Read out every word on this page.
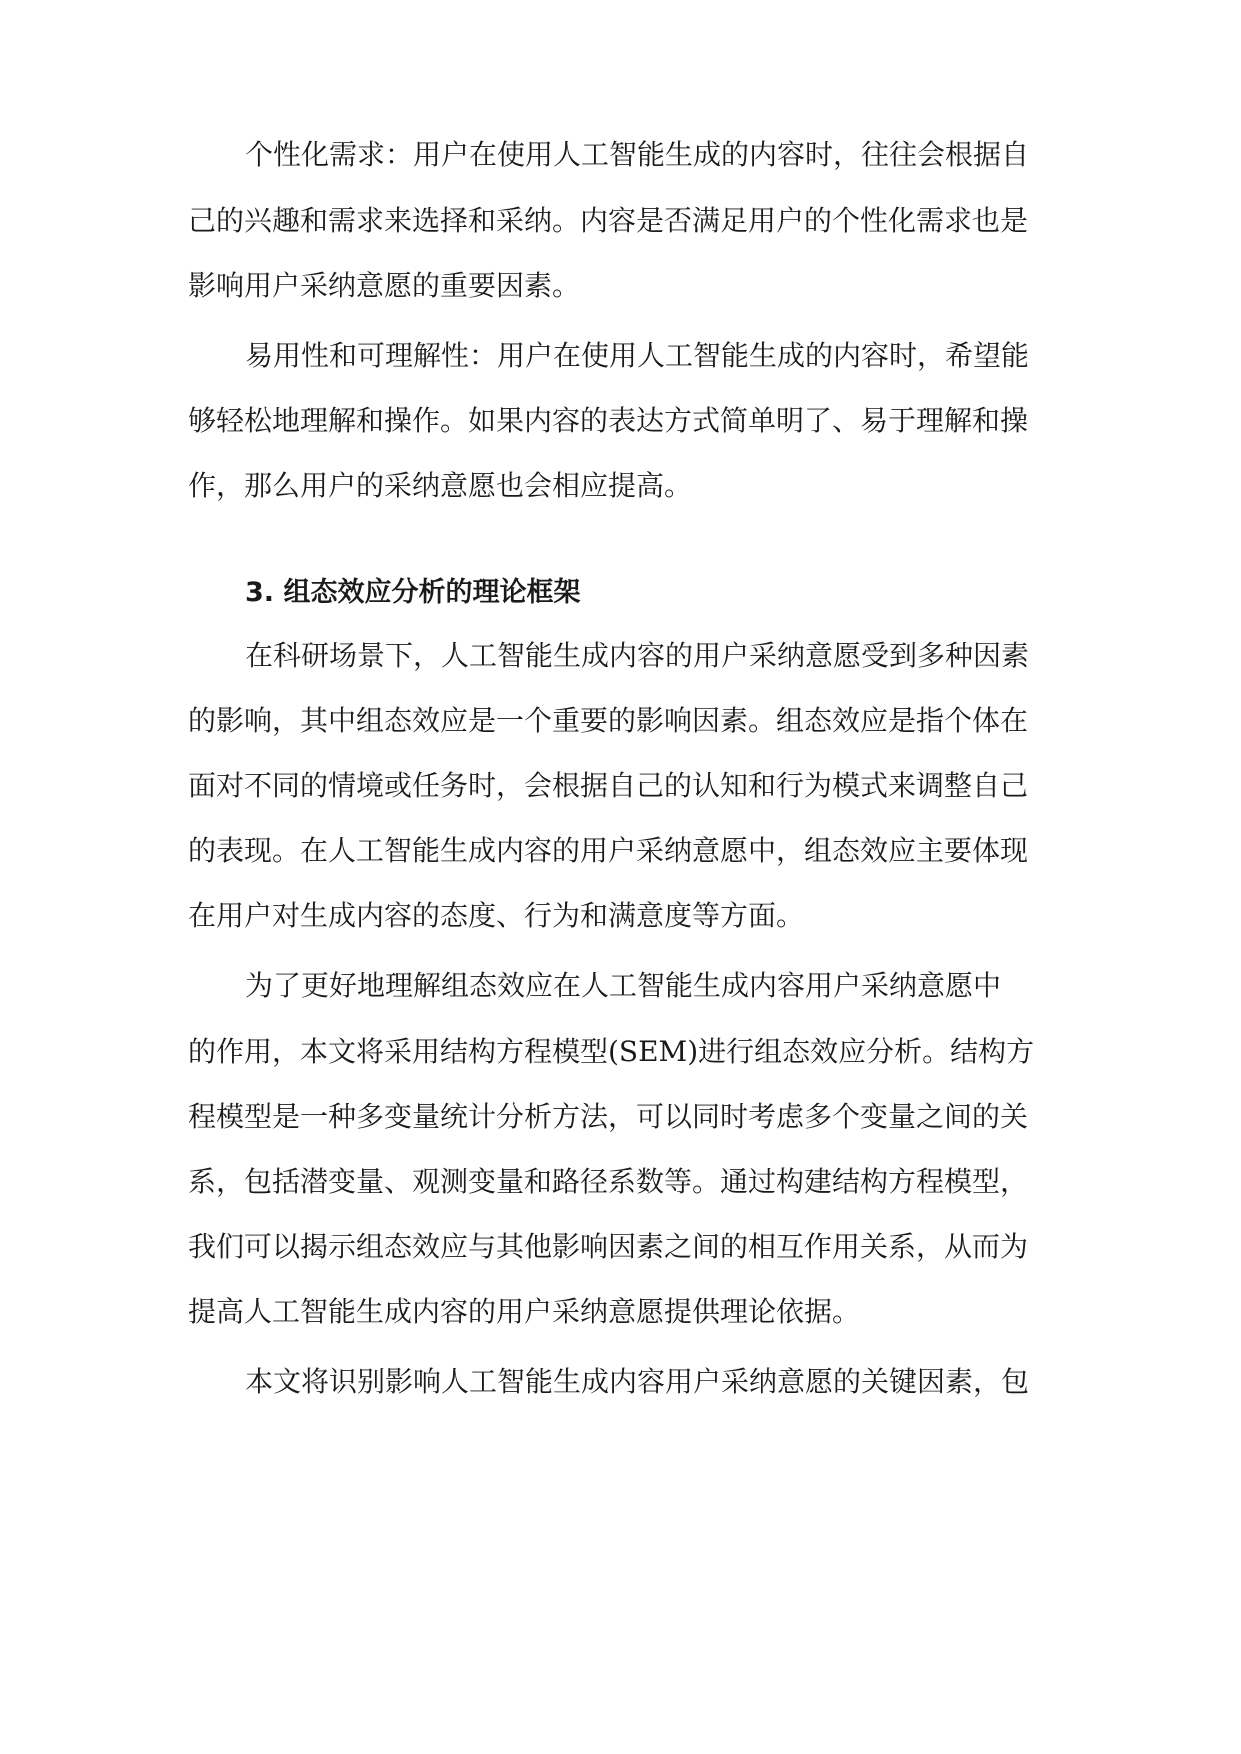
个性化需求：用户在使用人工智能生成的内容时，往往会根据自
己的兴趣和需求来选择和采纳。内容是否满足用户的个性化需求也是
影响用户采纳意愿的重要因素。
易用性和可理解性：用户在使用人工智能生成的内容时，希望能
够轻松地理解和操作。如果内容的表达方式简单明了、易于理解和操
作，那么用户的采纳意愿也会相应提高。
3. 组态效应分析的理论框架
在科研场景下，人工智能生成内容的用户采纳意愿受到多种因素
的影响，其中组态效应是一个重要的影响因素。组态效应是指个体在
面对不同的情境或任务时，会根据自己的认知和行为模式来调整自己
的表现。在人工智能生成内容的用户采纳意愿中，组态效应主要体现
在用户对生成内容的态度、行为和满意度等方面。
为了更好地理解组态效应在人工智能生成内容用户采纳意愿中
的作用，本文将采用结构方程模型(SEM)进行组态效应分析。结构方
程模型是一种多变量统计分析方法，可以同时考虑多个变量之间的关
系，包括潜变量、观测变量和路径系数等。通过构建结构方程模型，
我们可以揭示组态效应与其他影响因素之间的相互作用关系，从而为
提高人工智能生成内容的用户采纳意愿提供理论依据。
本文将识别影响人工智能生成内容用户采纳意愿的关键因素，包
